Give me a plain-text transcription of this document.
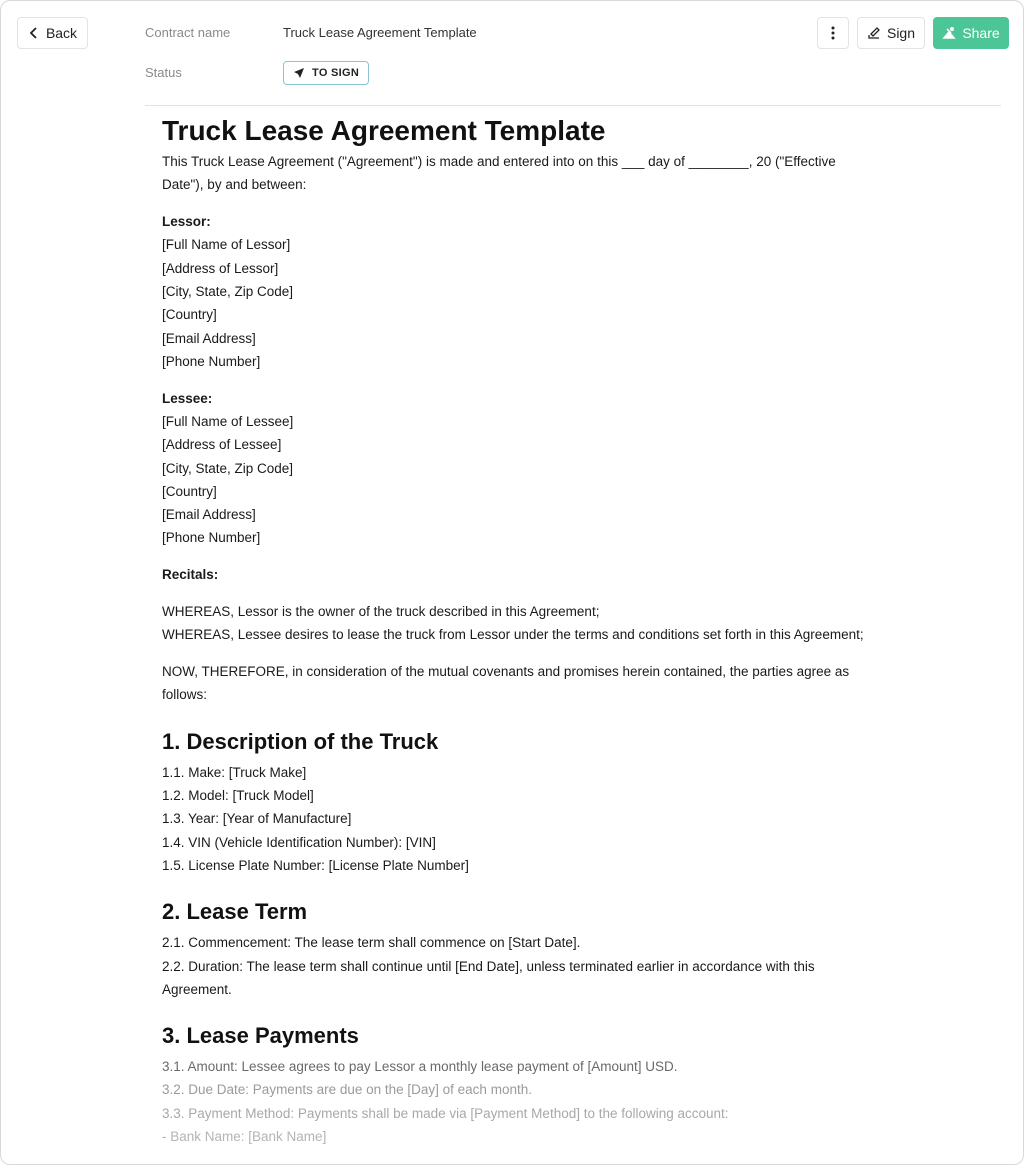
Back	Contract name	Truck Lease Agreement Template
Status	TO SIGN
Sign	Share
Truck Lease Agreement Template

This Truck Lease Agreement ("Agreement") is made and entered into on this ___ day of ________, 20 ("Effective
Date"), by and between:

Lessor:
[Full Name of Lessor]
[Address of Lessor]
[City, State, Zip Code]
[Country]
[Email Address]
[Phone Number]

Lessee:
[Full Name of Lessee]
[Address of Lessee]
[City, State, Zip Code]
[Country]
[Email Address]
[Phone Number]

Recitals:

WHEREAS, Lessor is the owner of the truck described in this Agreement;
WHEREAS, Lessee desires to lease the truck from Lessor under the terms and conditions set forth in this Agreement;

NOW, THEREFORE, in consideration of the mutual covenants and promises herein contained, the parties agree as
follows:

1. Description of the Truck

1.1. Make: [Truck Make]
1.2. Model: [Truck Model]
1.3. Year: [Year of Manufacture]
1.4. VIN (Vehicle Identification Number): [VIN]
1.5. License Plate Number: [License Plate Number]

2. Lease Term

2.1. Commencement: The lease term shall commence on [Start Date].
2.2. Duration: The lease term shall continue until [End Date], unless terminated earlier in accordance with this
Agreement.

3. Lease Payments

3.1. Amount: Lessee agrees to pay Lessor a monthly lease payment of [Amount] USD.
3.2. Due Date: Payments are due on the [Day] of each month.
3.3. Payment Method: Payments shall be made via [Payment Method] to the following account:
- Bank Name: [Bank Name]
